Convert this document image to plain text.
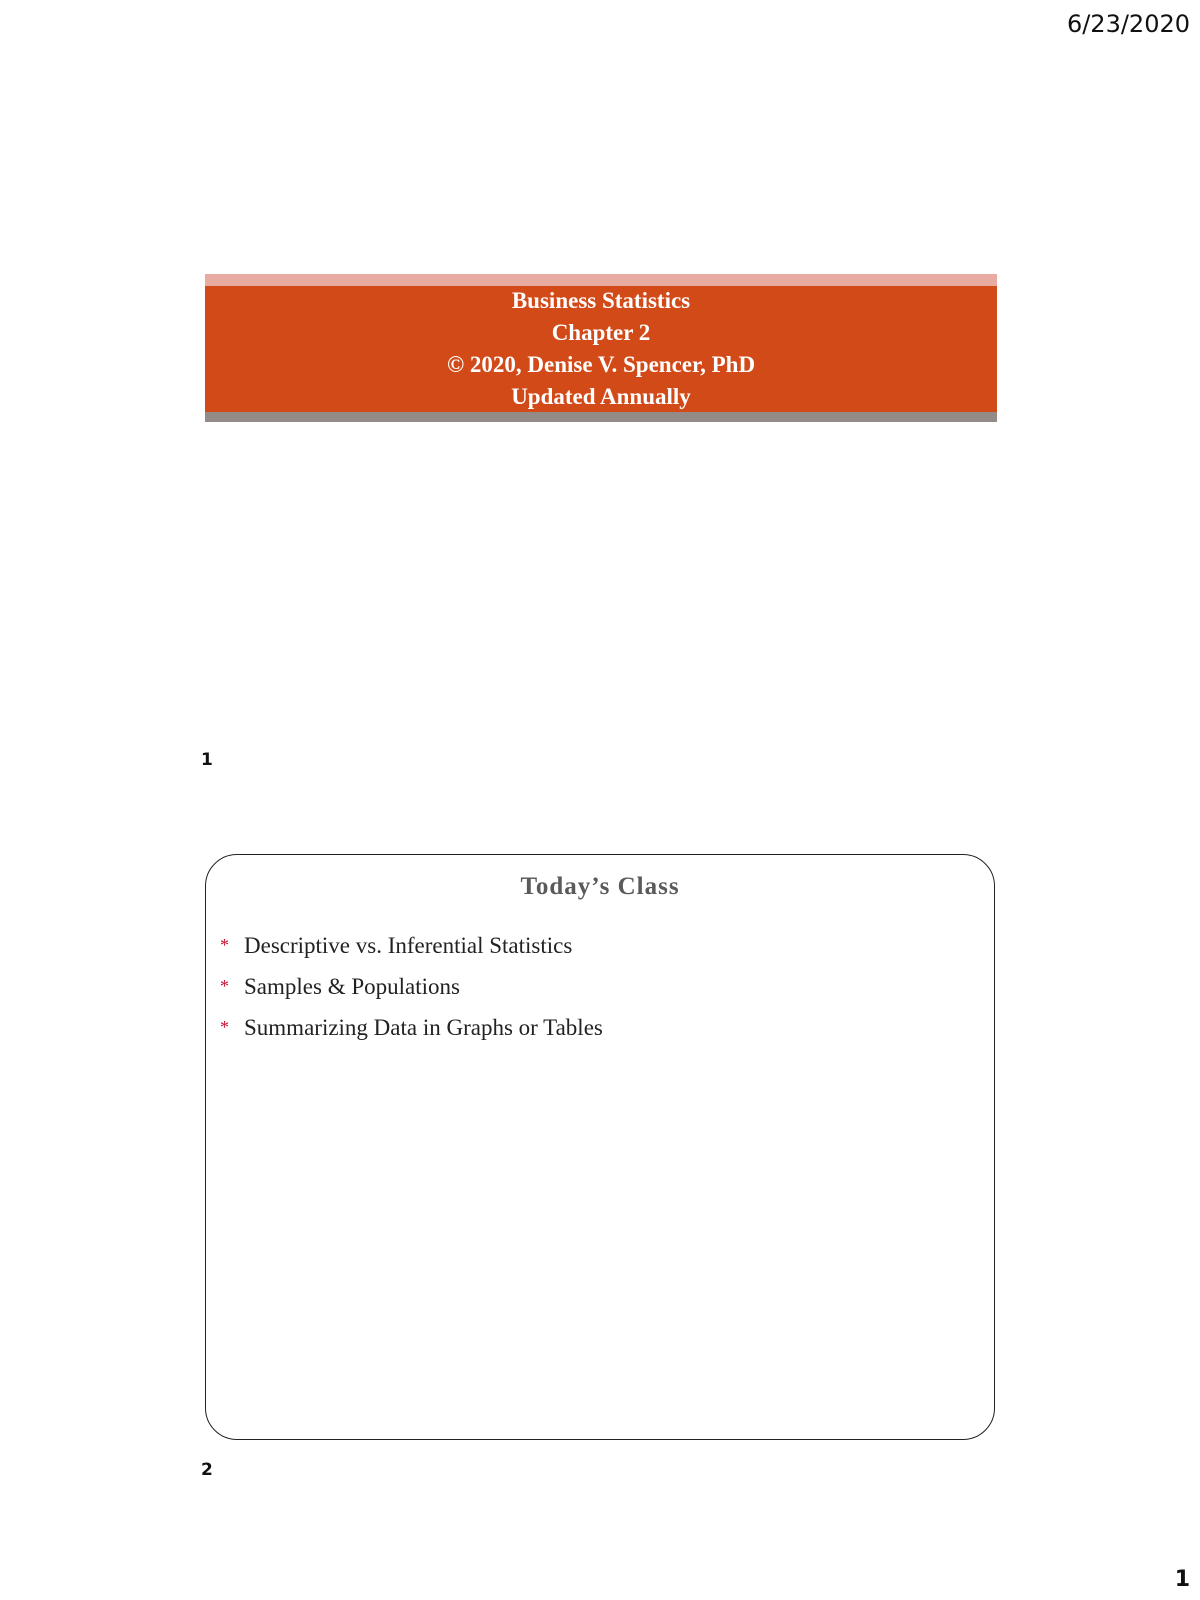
6/23/2020
Business Statistics
Chapter 2
© 2020, Denise V. Spencer, PhD
Updated Annually
1
Today’s Class
* Descriptive vs. Inferential Statistics
* Samples & Populations
* Summarizing Data in Graphs or Tables
2
1
